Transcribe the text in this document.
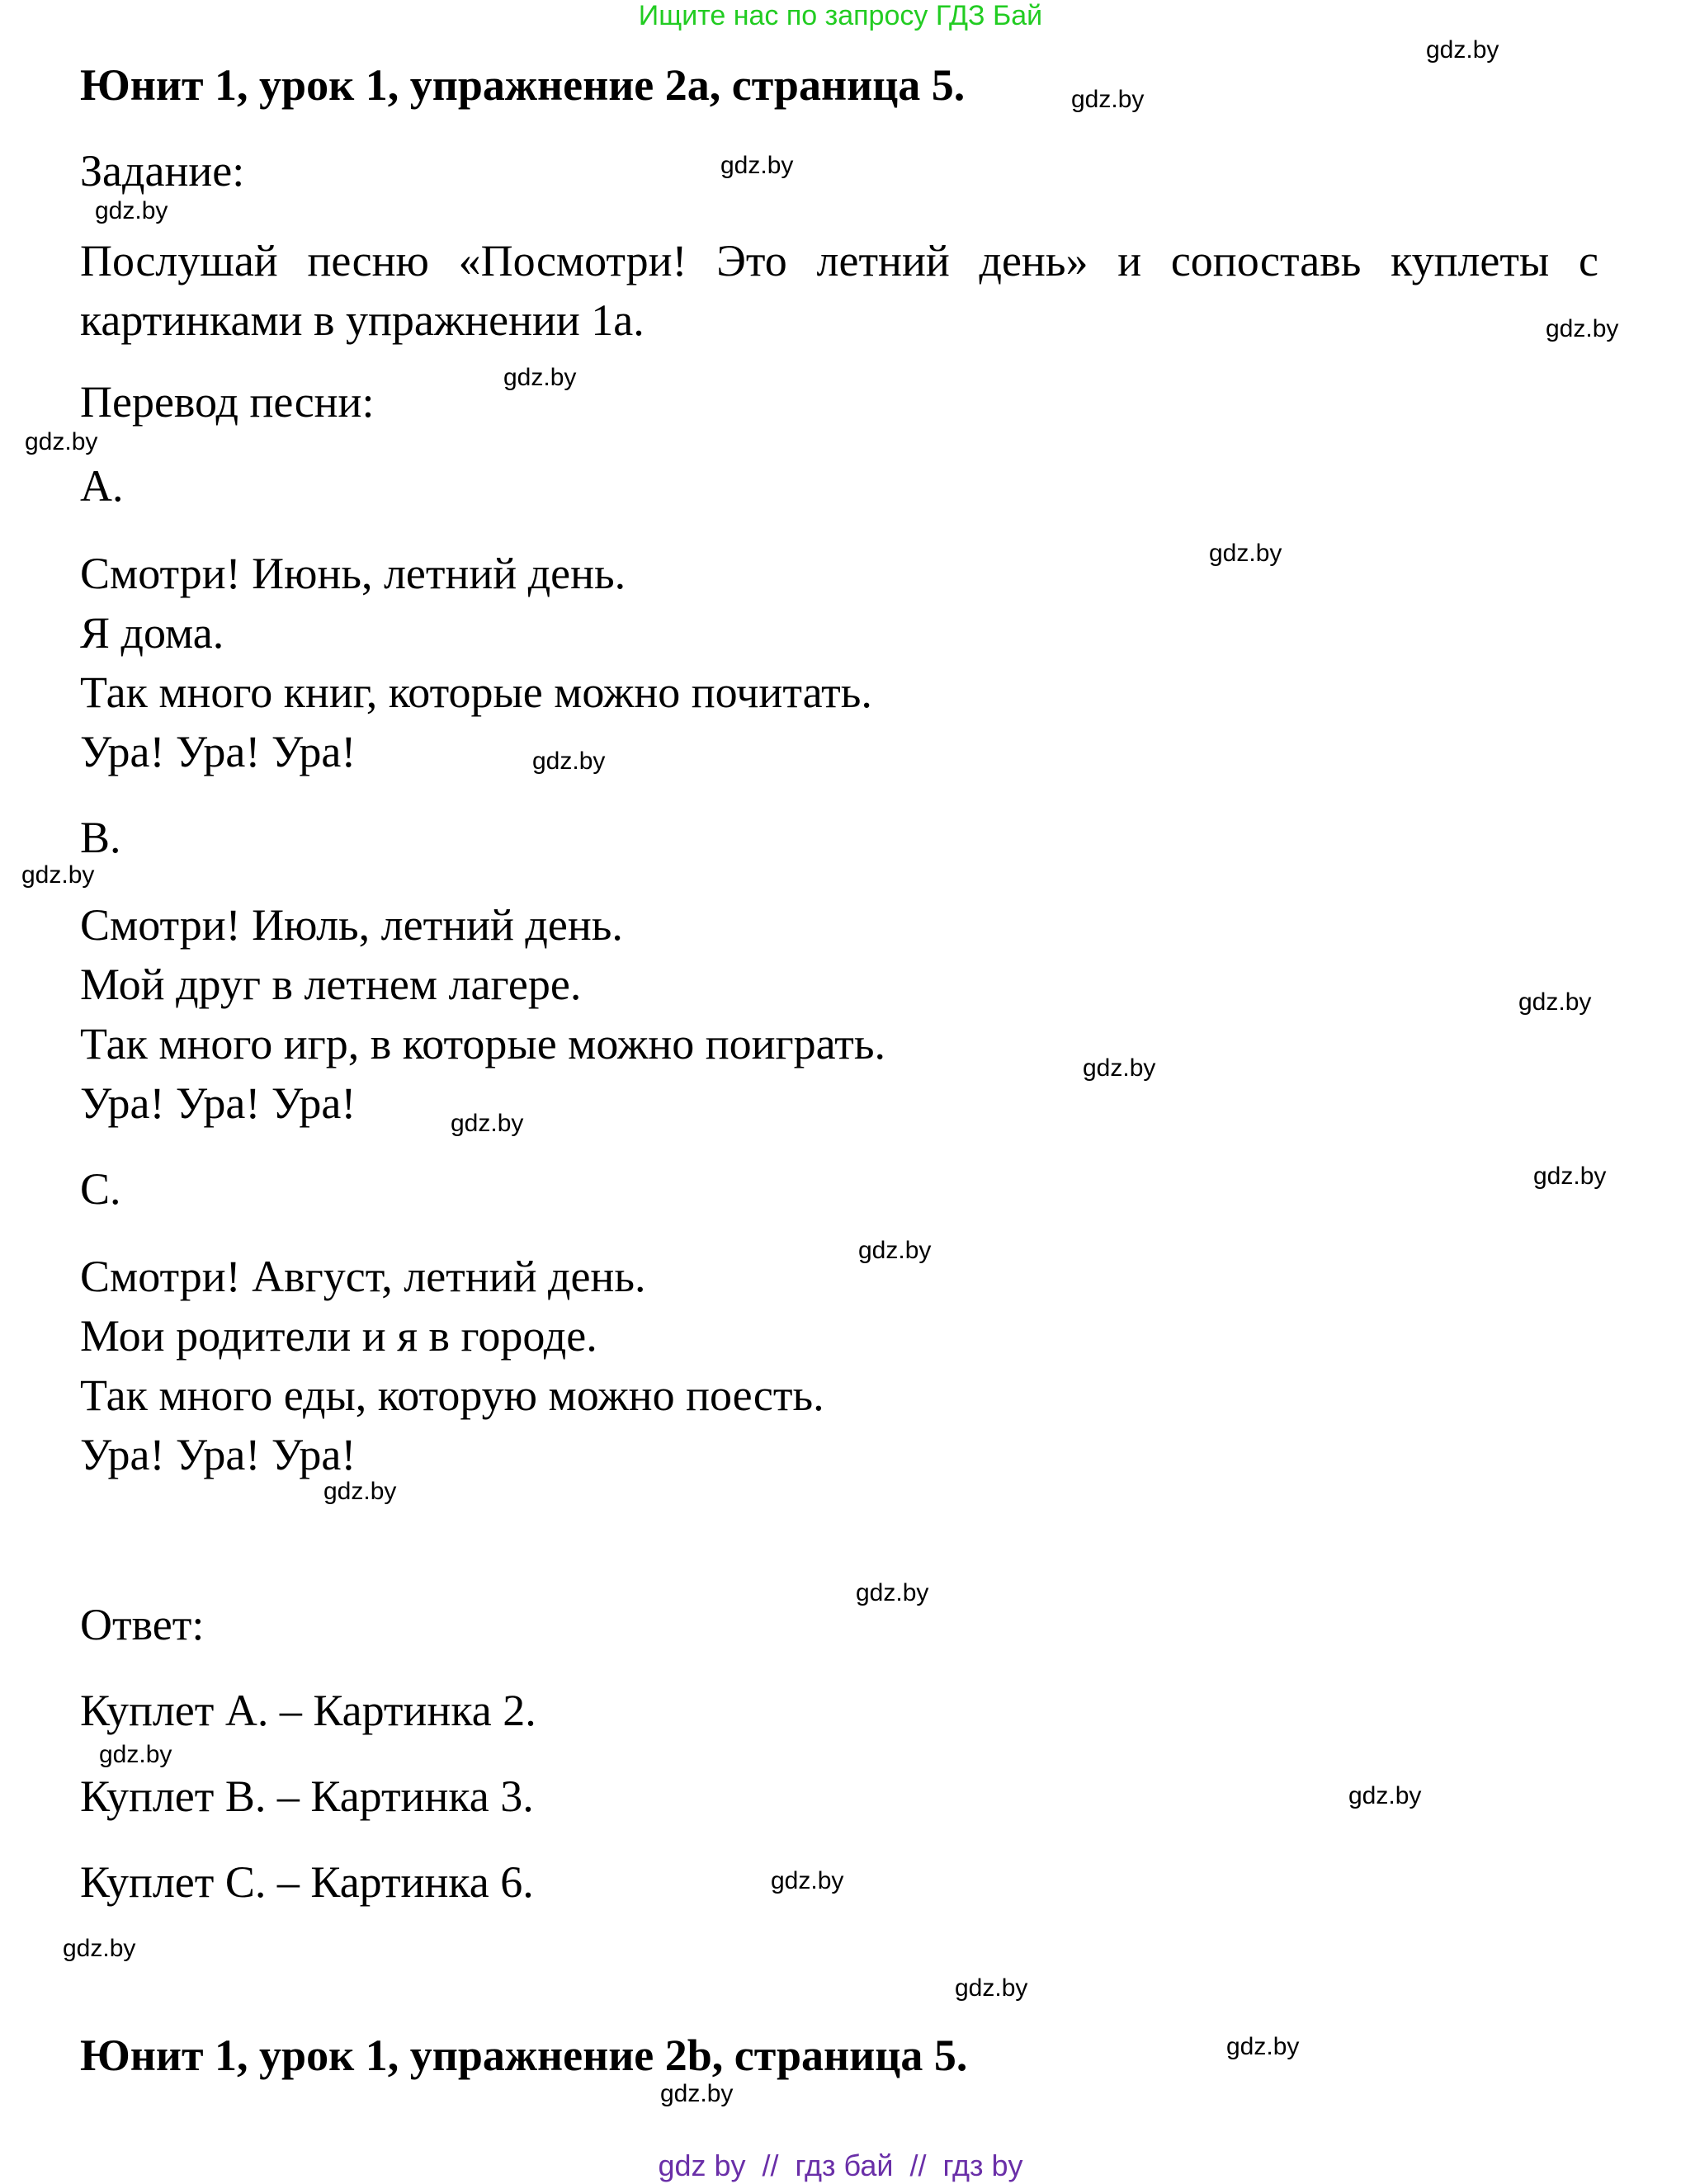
Ищите нас по запросу ГДЗ Бай
Юнит 1, урок 1, упражнение 2а, страница 5.
Задание:

Послушай песню «Посмотри! Это летний день» и сопоставь куплеты с картинками в упражнении 1а.

Перевод песни:
A.
Смотри! Июнь, летний день.
Я дома.
Так много книг, которые можно почитать.
Ура! Ура! Ура!
B.
Смотри! Июль, летний день.
Мой друг в летнем лагере.
Так много игр, в которые можно поиграть.
Ура! Ура! Ура!
C.
Смотри! Август, летний день.
Мои родители и я в городе.
Так много еды, которую можно поесть.
Ура! Ура! Ура!
Ответ:
Куплет A. – Картинка 2.
Куплет B. – Картинка 3.
Куплет C. – Картинка 6.
Юнит 1, урок 1, упражнение 2b, страница 5.
gdz.by
gdz.by
gdz.by
gdz.by
gdz.by
gdz.by
gdz.by
gdz.by
gdz.by
gdz.by
gdz.by
gdz.by
gdz.by
gdz.by
gdz.by
gdz.by
gdz.by
gdz.by
gdz.by
gdz.by
gdz.by
gdz.by
gdz.by
gdz.by
gdz by  //  гдз бай  //  гдз by
